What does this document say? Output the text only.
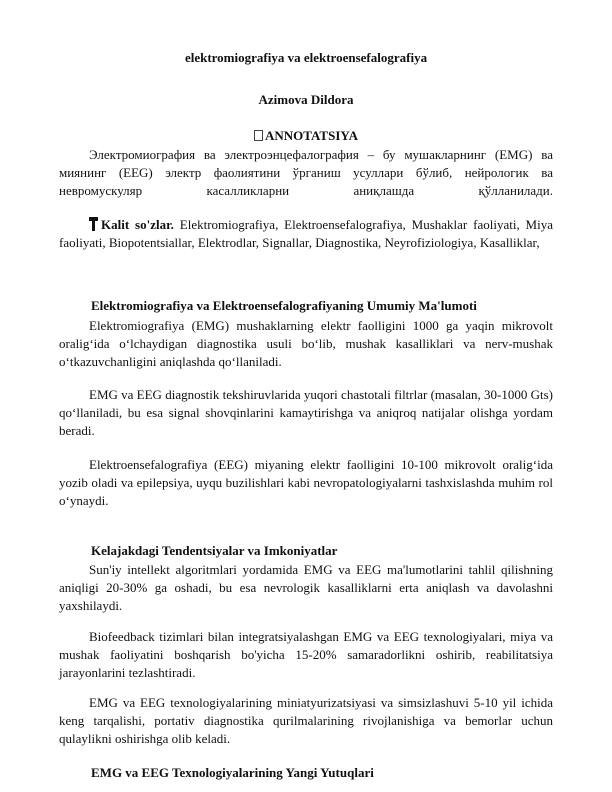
elektromiografiya va elektroensefalografiya
Azimova Dildora
ANNOTATSIYA

Электромиография ва электроэнцефалография – бу мушакларнинг (EMG) ва миянинг (EEG) электр фаолиятини ўрганиш усуллари бўлиб, нейрологик ва невромускуляр касалликларни аниқлашда қўлланилади.

Kalit so'zlar. Elektromiografiya, Elektroensefalografiya, Mushaklar faoliyati, Miya faoliyati, Biopotentsiallar, Elektrodlar, Signallar, Diagnostika, Neyrofiziologiya, Kasalliklar,

Elektromiografiya va Elektroensefalografiyaning Umumiy Ma'lumoti

Elektromiografiya (EMG) mushaklarning elektr faolligini 1000 ga yaqin mikrovolt oralig‘ida o‘lchaydigan diagnostika usuli bo‘lib, mushak kasalliklari va nerv-mushak o‘tkazuvchanligini aniqlashda qo‘llaniladi.

EMG va EEG diagnostik tekshiruvlarida yuqori chastotali filtrlar (masalan, 30-1000 Gts) qo‘llaniladi, bu esa signal shovqinlarini kamaytirishga va aniqroq natijalar olishga yordam beradi.

Elektroensefalografiya (EEG) miyaning elektr faolligini 10-100 mikrovolt oralig‘ida yozib oladi va epilepsiya, uyqu buzilishlari kabi nevropatologiyalarni tashxislashda muhim rol o‘ynaydi.

Kelajakdagi Tendentsiyalar va Imkoniyatlar

Sun'iy intellekt algoritmlari yordamida EMG va EEG ma'lumotlarini tahlil qilishning aniqligi 20-30% ga oshadi, bu esa nevrologik kasalliklarni erta aniqlash va davolashni yaxshilaydi.

Biofeedback tizimlari bilan integratsiyalashgan EMG va EEG texnologiyalari, miya va mushak faoliyatini boshqarish bo'yicha 15-20% samaradorlikni oshirib, reabilitatsiya jarayonlarini tezlashtiradi.

EMG va EEG texnologiyalarining miniatyurizatsiyasi va simsizlashuvi 5-10 yil ichida keng tarqalishi, portativ diagnostika qurilmalarining rivojlanishiga va bemorlar uchun qulaylikni oshirishga olib keladi.

EMG va EEG Texnologiyalarining Yangi Yutuqlari
